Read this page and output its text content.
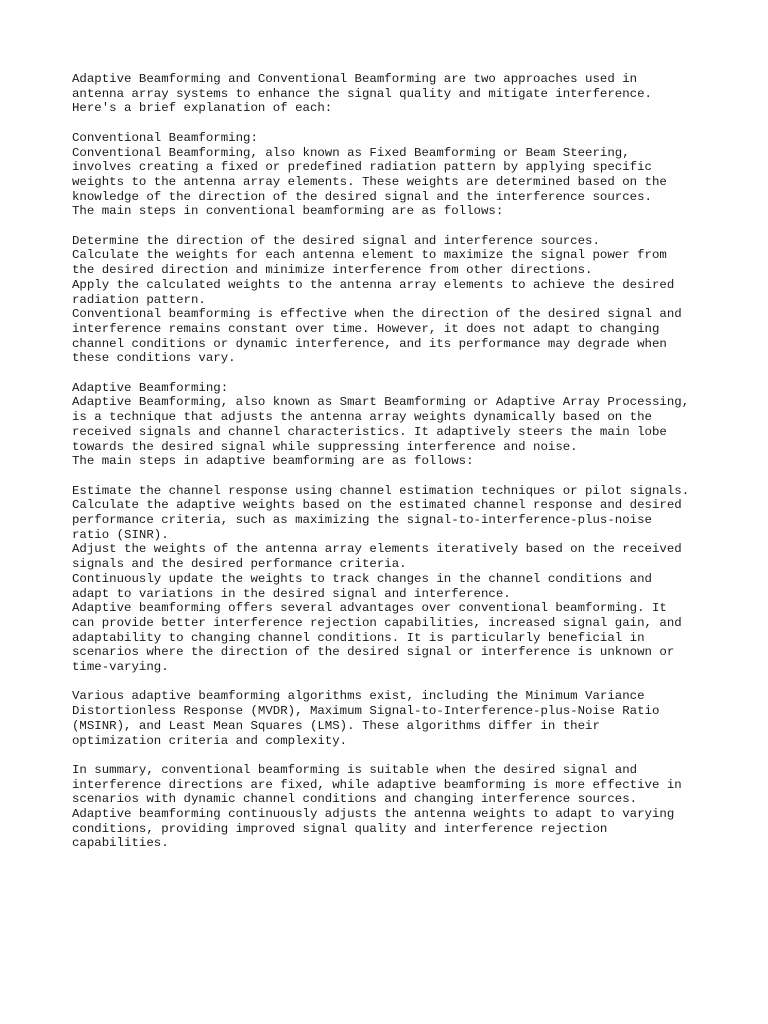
Adaptive Beamforming and Conventional Beamforming are two approaches used in
antenna array systems to enhance the signal quality and mitigate interference.
Here's a brief explanation of each:
Conventional Beamforming:
Conventional Beamforming, also known as Fixed Beamforming or Beam Steering,
involves creating a fixed or predefined radiation pattern by applying specific
weights to the antenna array elements. These weights are determined based on the
knowledge of the direction of the desired signal and the interference sources.
The main steps in conventional beamforming are as follows:
Determine the direction of the desired signal and interference sources.
Calculate the weights for each antenna element to maximize the signal power from
the desired direction and minimize interference from other directions.
Apply the calculated weights to the antenna array elements to achieve the desired
radiation pattern.
Conventional beamforming is effective when the direction of the desired signal and
interference remains constant over time. However, it does not adapt to changing
channel conditions or dynamic interference, and its performance may degrade when
these conditions vary.
Adaptive Beamforming:
Adaptive Beamforming, also known as Smart Beamforming or Adaptive Array Processing,
is a technique that adjusts the antenna array weights dynamically based on the
received signals and channel characteristics. It adaptively steers the main lobe
towards the desired signal while suppressing interference and noise.
The main steps in adaptive beamforming are as follows:
Estimate the channel response using channel estimation techniques or pilot signals.
Calculate the adaptive weights based on the estimated channel response and desired
performance criteria, such as maximizing the signal-to-interference-plus-noise
ratio (SINR).
Adjust the weights of the antenna array elements iteratively based on the received
signals and the desired performance criteria.
Continuously update the weights to track changes in the channel conditions and
adapt to variations in the desired signal and interference.
Adaptive beamforming offers several advantages over conventional beamforming. It
can provide better interference rejection capabilities, increased signal gain, and
adaptability to changing channel conditions. It is particularly beneficial in
scenarios where the direction of the desired signal or interference is unknown or
time-varying.
Various adaptive beamforming algorithms exist, including the Minimum Variance
Distortionless Response (MVDR), Maximum Signal-to-Interference-plus-Noise Ratio
(MSINR), and Least Mean Squares (LMS). These algorithms differ in their
optimization criteria and complexity.
In summary, conventional beamforming is suitable when the desired signal and
interference directions are fixed, while adaptive beamforming is more effective in
scenarios with dynamic channel conditions and changing interference sources.
Adaptive beamforming continuously adjusts the antenna weights to adapt to varying
conditions, providing improved signal quality and interference rejection
capabilities.
